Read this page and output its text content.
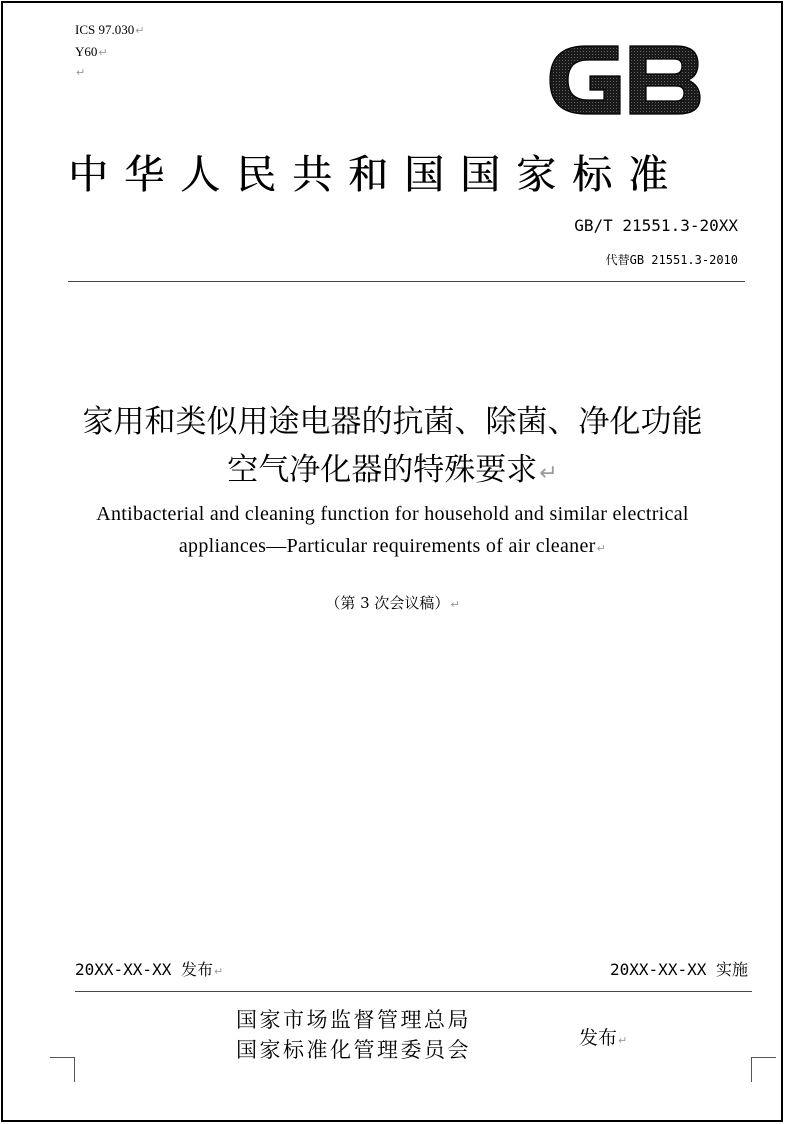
ICS 97.030↵
Y60↵
↵
中华人民共和国国家标准
GB/T 21551.3-20XX
代替GB 21551.3-2010
家用和类似用途电器的抗菌、除菌、净化功能
空气净化器的特殊要求↵
Antibacterial and cleaning function for household and similar electrical
appliances—Particular requirements of air cleaner↵
（第 3 次会议稿）↵
20XX-XX-XX 发布↵	20XX-XX-XX 实施
国家市场监督管理总局
国家标准化管理委员会	发布↵
